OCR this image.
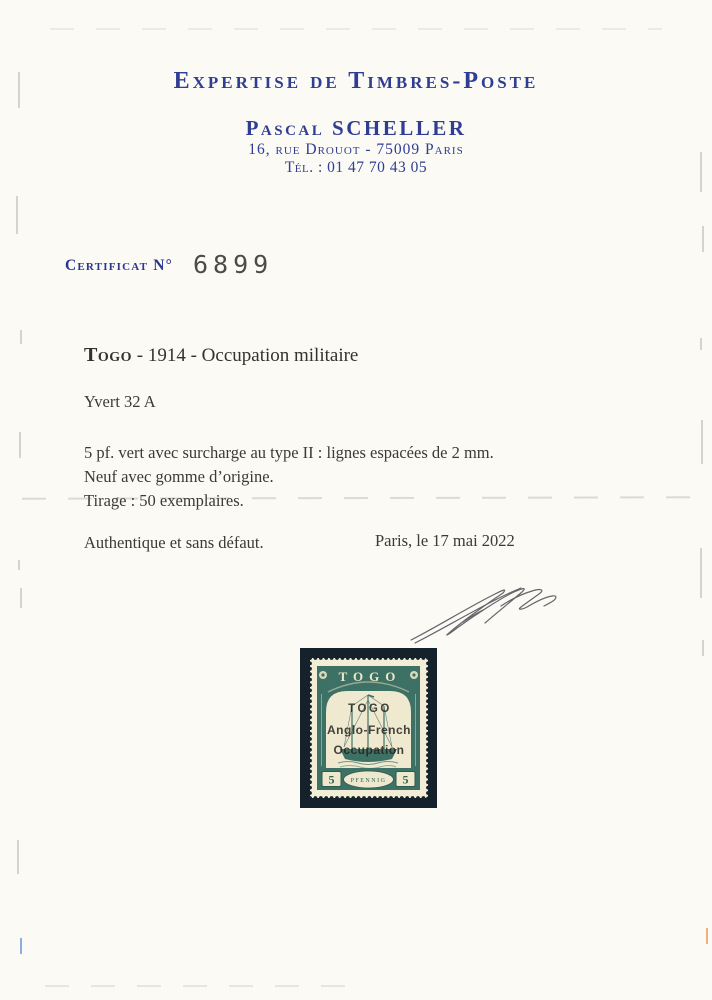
Expertise de Timbres-Poste
Pascal SCHELLER
16, rue Drouot - 75009 Paris
Tél. : 01 47 70 43 05
Certificat N° 6899
Togo - 1914 - Occupation militaire
Yvert 32 A
5 pf. vert avec surcharge au type II : lignes espacées de 2 mm.
Neuf avec gomme d’origine.
Tirage : 50 exemplaires.
Authentique et sans défaut.	Paris, le 17 mai 2022
TOGO
5	5
PFENNIG
TOGO
Anglo-French
Occupation
